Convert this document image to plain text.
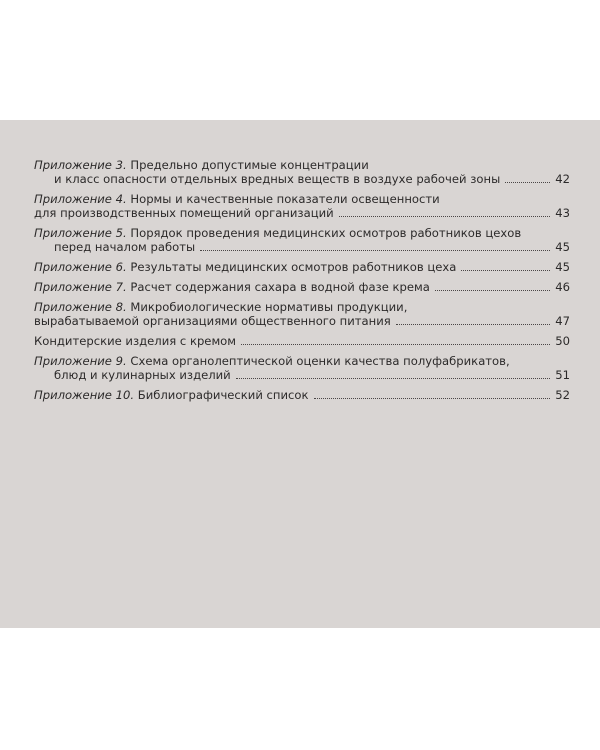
Приложение 3. Предельно допустимые концентрации
и класс опасности отдельных вредных веществ в воздухе рабочей зоны	42
Приложение 4. Нормы и качественные показатели освещенности
для производственных помещений организаций	43
Приложение 5. Порядок проведения медицинских осмотров работников цехов
перед началом работы	45
Приложение 6. Результаты медицинских осмотров работников цеха	45
Приложение 7. Расчет содержания сахара в водной фазе крема	46
Приложение 8. Микробиологические нормативы продукции,
вырабатываемой организациями общественного питания	47
Кондитерские изделия с кремом	50
Приложение 9. Схема органолептической оценки качества полуфабрикатов,
блюд и кулинарных изделий	51
Приложение 10. Библиографический список	52
